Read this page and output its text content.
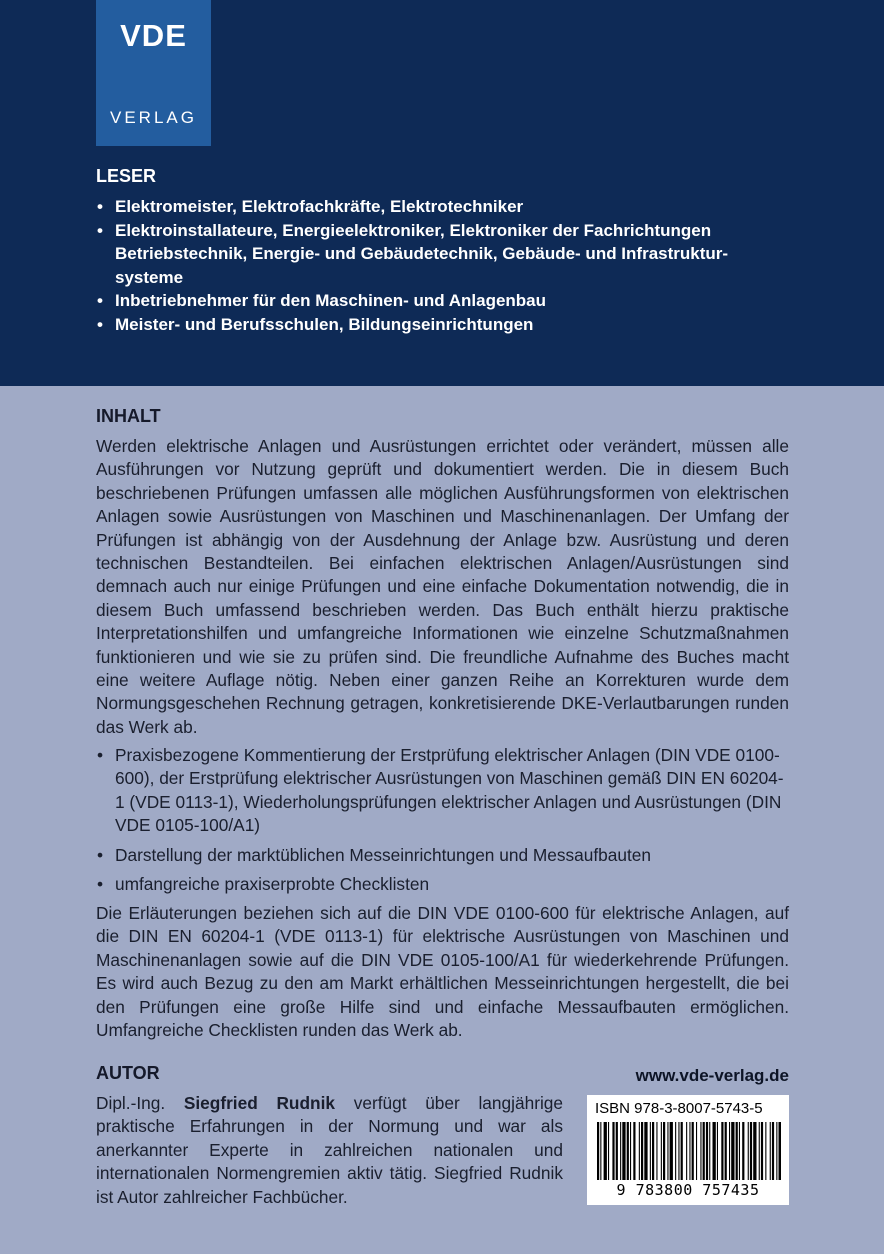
VDE
VERLAG
LESER
• Elektromeister, Elektrofachkräfte, Elektrotechniker
• Elektroinstallateure, Energieelektroniker, Elektroniker der Fachrichtungen Betriebstechnik, Energie- und Gebäudetechnik, Gebäude- und Infrastruktur-systeme
• Inbetriebnehmer für den Maschinen- und Anlagenbau
• Meister- und Berufsschulen, Bildungseinrichtungen
INHALT

Werden elektrische Anlagen und Ausrüstungen errichtet oder verändert, müssen alle Ausführungen vor Nutzung geprüft und dokumentiert werden. Die in diesem Buch beschriebenen Prüfungen umfassen alle möglichen Ausführungsformen von elektrischen Anlagen sowie Ausrüstungen von Maschinen und Maschinenanlagen. Der Umfang der Prüfungen ist abhängig von der Ausdehnung der Anlage bzw. Ausrüstung und deren technischen Bestandteilen. Bei einfachen elektrischen Anlagen/Ausrüstungen sind demnach auch nur einige Prüfungen und eine einfache Dokumentation notwendig, die in diesem Buch umfassend beschrieben werden. Das Buch enthält hierzu praktische Interpretationshilfen und umfangreiche Informationen wie einzelne Schutzmaßnahmen funktionieren und wie sie zu prüfen sind. Die freundliche Aufnahme des Buches macht eine weitere Auflage nötig. Neben einer ganzen Reihe an Korrekturen wurde dem Normungsgeschehen Rechnung getragen, konkretisierende DKE-Verlautbarungen runden das Werk ab.

• Praxisbezogene Kommentierung der Erstprüfung elektrischer Anlagen (DIN VDE 0100-600), der Erstprüfung elektrischer Ausrüstungen von Maschinen gemäß DIN EN 60204-1 (VDE 0113-1), Wiederholungsprüfungen elektrischer Anlagen und Ausrüstungen (DIN VDE 0105-100/A1)
• Darstellung der marktüblichen Messeinrichtungen und Messaufbauten
• umfangreiche praxiserprobte Checklisten

Die Erläuterungen beziehen sich auf die DIN VDE 0100-600 für elektrische Anlagen, auf die DIN EN 60204-1 (VDE 0113-1) für elektrische Ausrüstungen von Maschinen und Maschinenanlagen sowie auf die DIN VDE 0105-100/A1 für wiederkehrende Prüfungen. Es wird auch Bezug zu den am Markt erhältlichen Messeinrichtungen hergestellt, die bei den Prüfungen eine große Hilfe sind und einfache Messaufbauten ermöglichen. Umfangreiche Checklisten runden das Werk ab.

AUTOR

Dipl.-Ing. Siegfried Rudnik verfügt über langjährige praktische Erfahrungen in der Normung und war als anerkannter Experte in zahlreichen nationalen und internationalen Normengremien aktiv tätig. Siegfried Rudnik ist Autor zahlreicher Fachbücher.

www.vde-verlag.de
ISBN 978-3-8007-5743-5
9 783800 757435
